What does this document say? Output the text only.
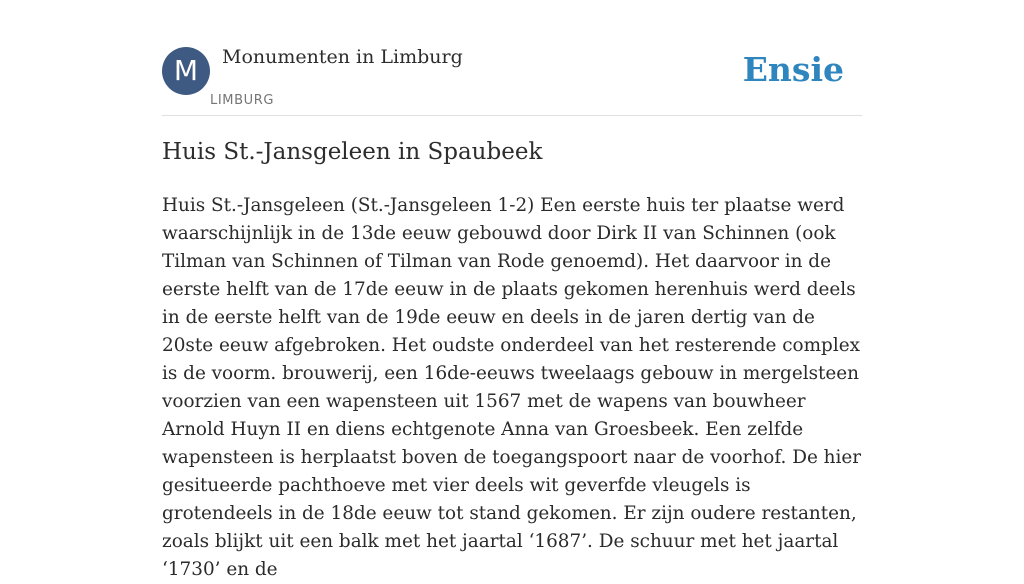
M	Monumenten in Limburg
LIMBURG
Ensie
Huis St.-Jansgeleen in Spaubeek

Huis St.-Jansgeleen (St.-Jansgeleen 1-2) Een eerste huis ter plaatse werd waarschijnlijk in de 13de eeuw gebouwd door Dirk II van Schinnen (ook Tilman van Schinnen of Tilman van Rode genoemd). Het daarvoor in de eerste helft van de 17de eeuw in de plaats gekomen herenhuis werd deels in de eerste helft van de 19de eeuw en deels in de jaren dertig van de 20ste eeuw afgebroken. Het oudste onderdeel van het resterende complex is de voorm. brouwerij, een 16de-eeuws tweelaags gebouw in mergelsteen voorzien van een wapensteen uit 1567 met de wapens van bouwheer Arnold Huyn II en diens echtgenote Anna van Groesbeek. Een zelfde wapensteen is herplaatst boven de toegangspoort naar de voorhof. De hier gesitueerde pachthoeve met vier deels wit geverfde vleugels is grotendeels in de 18de eeuw tot stand gekomen. Er zijn oudere restanten, zoals blijkt uit een balk met het jaartal ‘1687’. De schuur met het jaartal ‘1730’ en de
